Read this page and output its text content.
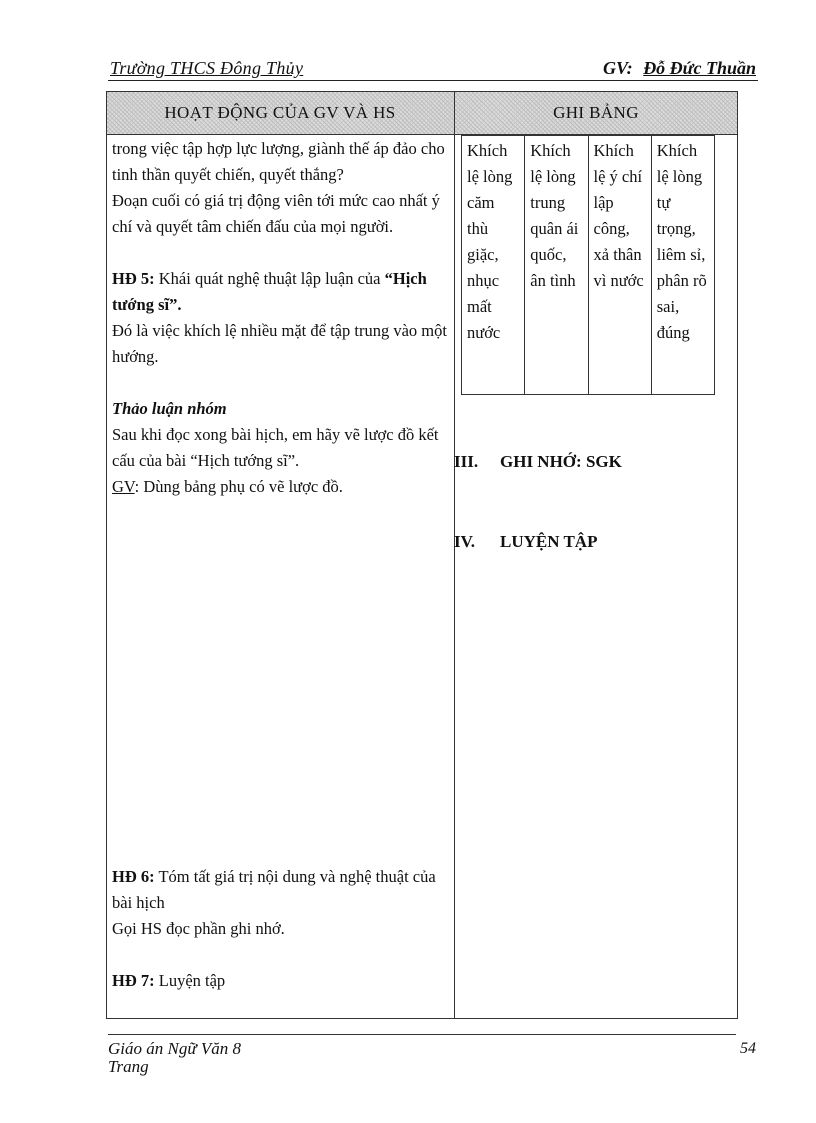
Trường THCS Đông Thủy	GV: Đỗ Đức Thuần
HOẠT ĐỘNG CỦA GV VÀ HS	GHI BẢNG

trong việc tập hợp lực lượng, giành thế áp đảo cho tinh thần quyết chiến, quyết thắng?

Đoạn cuối có giá trị động viên tới mức cao nhất ý chí và quyết tâm chiến đấu của mọi người.

HĐ 5: Khái quát nghệ thuật lập luận của “Hịch tướng sĩ”.

Đó là việc khích lệ nhiều mặt để tập trung vào một hướng.

Thảo luận nhóm

Sau khi đọc xong bài hịch, em hãy vẽ lược đồ kết cấu của bài “Hịch tướng sĩ”.

GV: Dùng bảng phụ có vẽ lược đồ.

HĐ 6: Tóm tất giá trị nội dung và nghệ thuật của bài hịch

Gọi HS đọc phần ghi nhớ.

HĐ 7: Luyện tập

Khích lệ lòng căm thù giặc, nhục mất nước	Khích lệ lòng trung quân ái quốc, ân tình	Khích lệ ý chí lập công, xả thân vì nước	Khích lệ lòng tự trọng, liêm sỉ, phân rõ sai, đúng
III. GHI NHỚ: SGK
IV. LUYỆN TẬP
Giáo án Ngữ Văn 8
Trang
54
